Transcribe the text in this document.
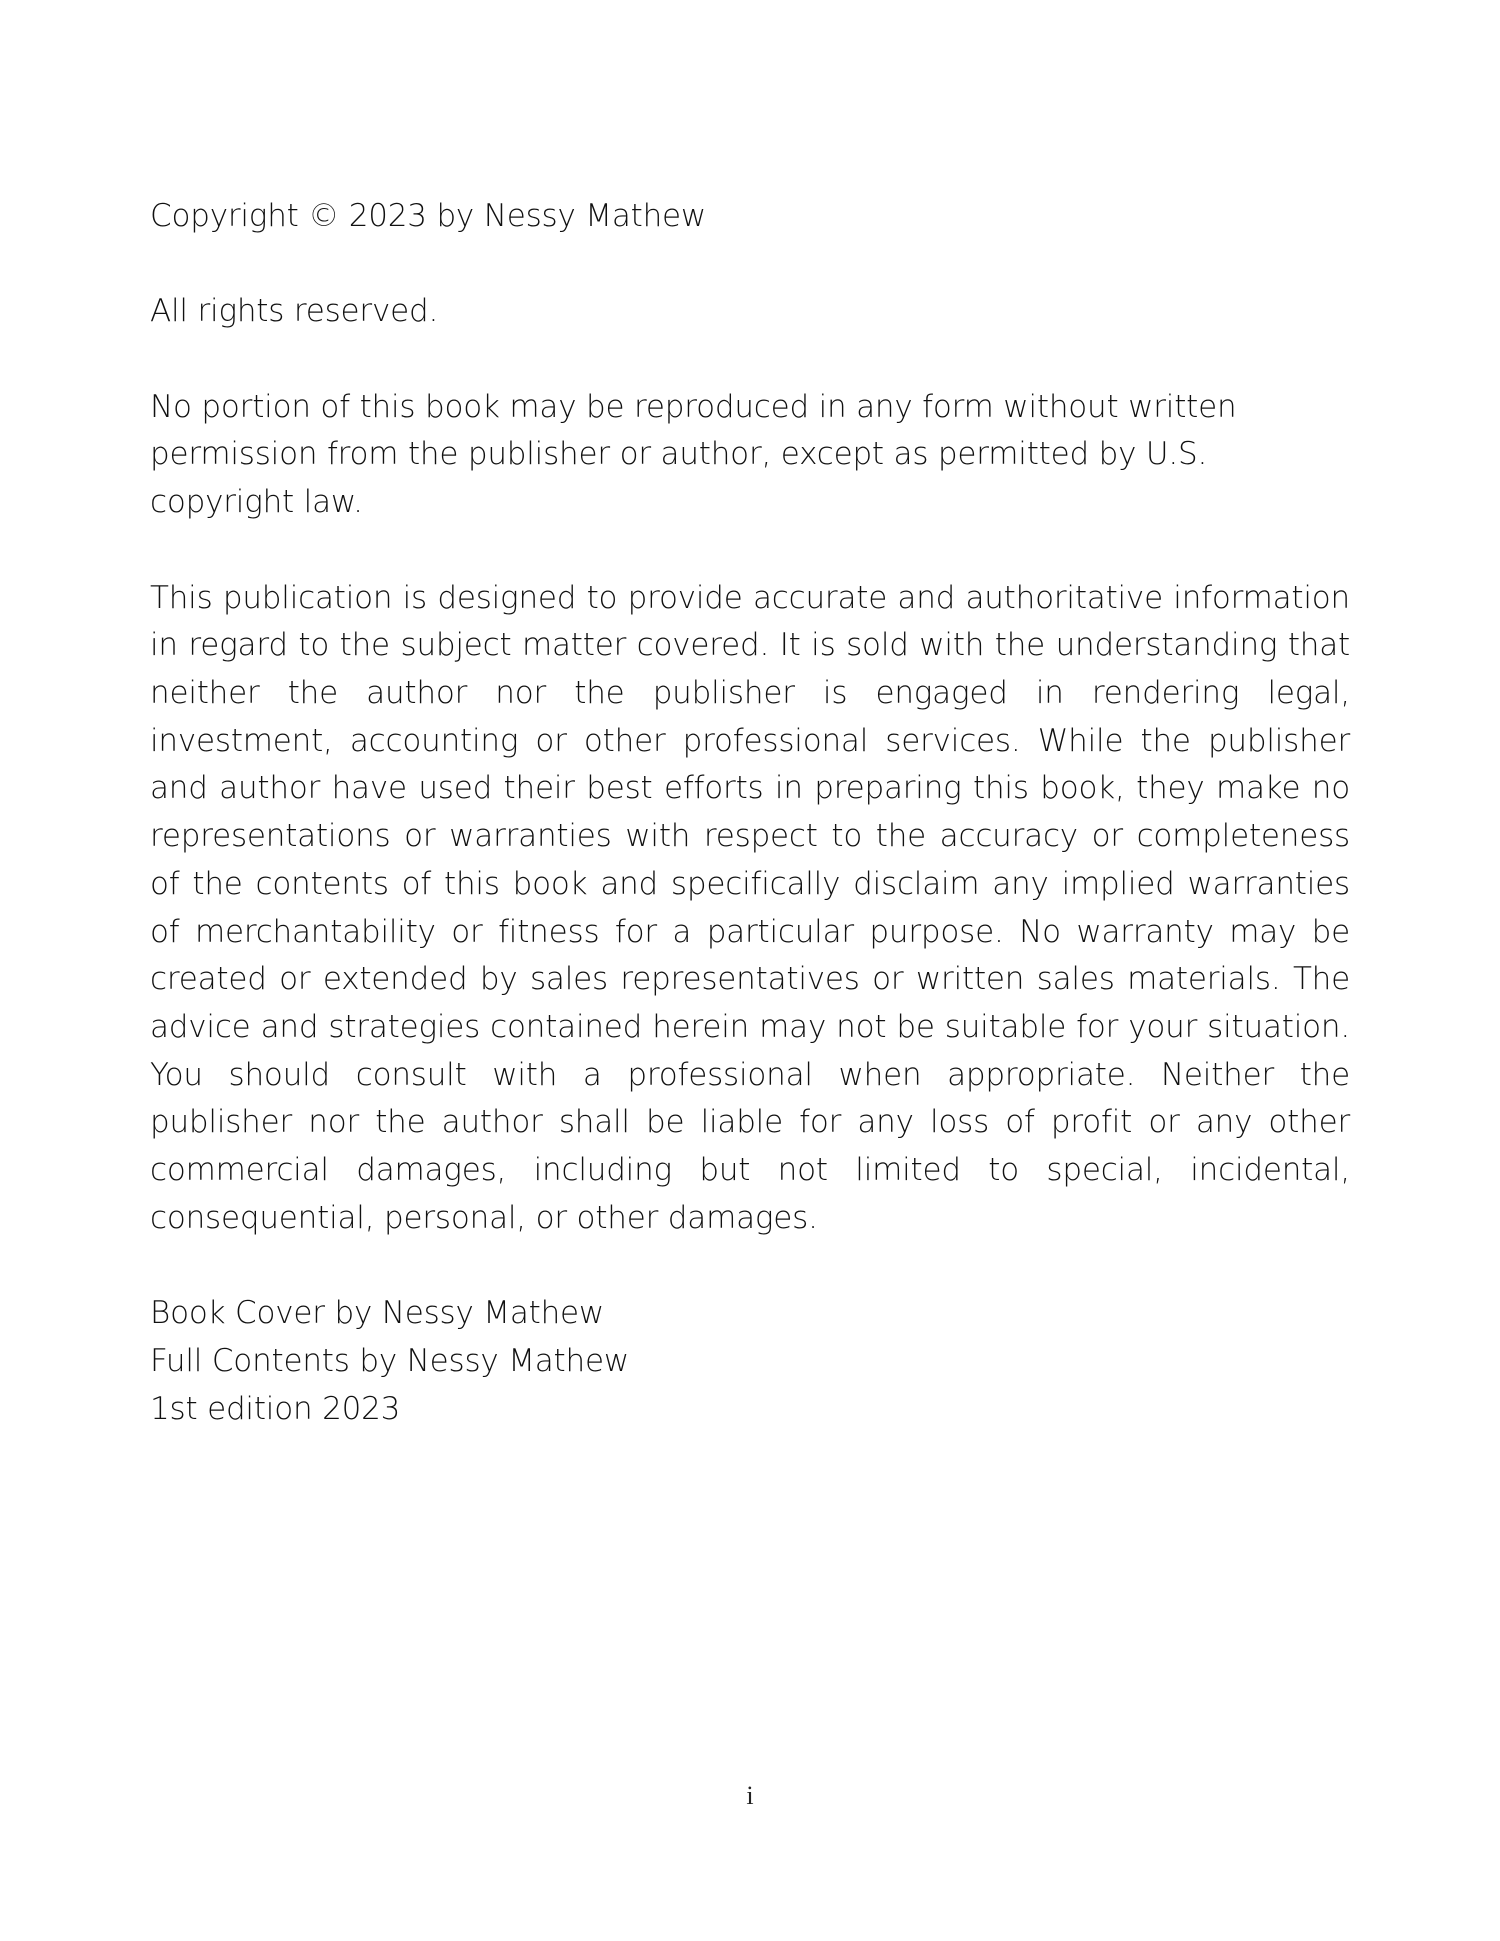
Copyright © 2023 by Nessy Mathew

All rights reserved.

No portion of this book may be reproduced in any form without written permission from the publisher or author, except as permitted by U.S. copyright law.

This publication is designed to provide accurate and authoritative information in regard to the subject matter covered. It is sold with the understanding that neither the author nor the publisher is engaged in rendering legal, investment, accounting or other professional services. While the publisher and author have used their best efforts in preparing this book, they make no representations or warranties with respect to the accuracy or completeness of the contents of this book and specifically disclaim any implied warranties of merchantability or fitness for a particular purpose. No warranty may be created or extended by sales representatives or written sales materials. The advice and strategies contained herein may not be suitable for your situation. You should consult with a professional when appropriate. Neither the publisher nor the author shall be liable for any loss of profit or any other commercial damages, including but not limited to special, incidental, consequential, personal, or other damages.

Book Cover by Nessy Mathew
Full Contents by Nessy Mathew
1st edition 2023
i
